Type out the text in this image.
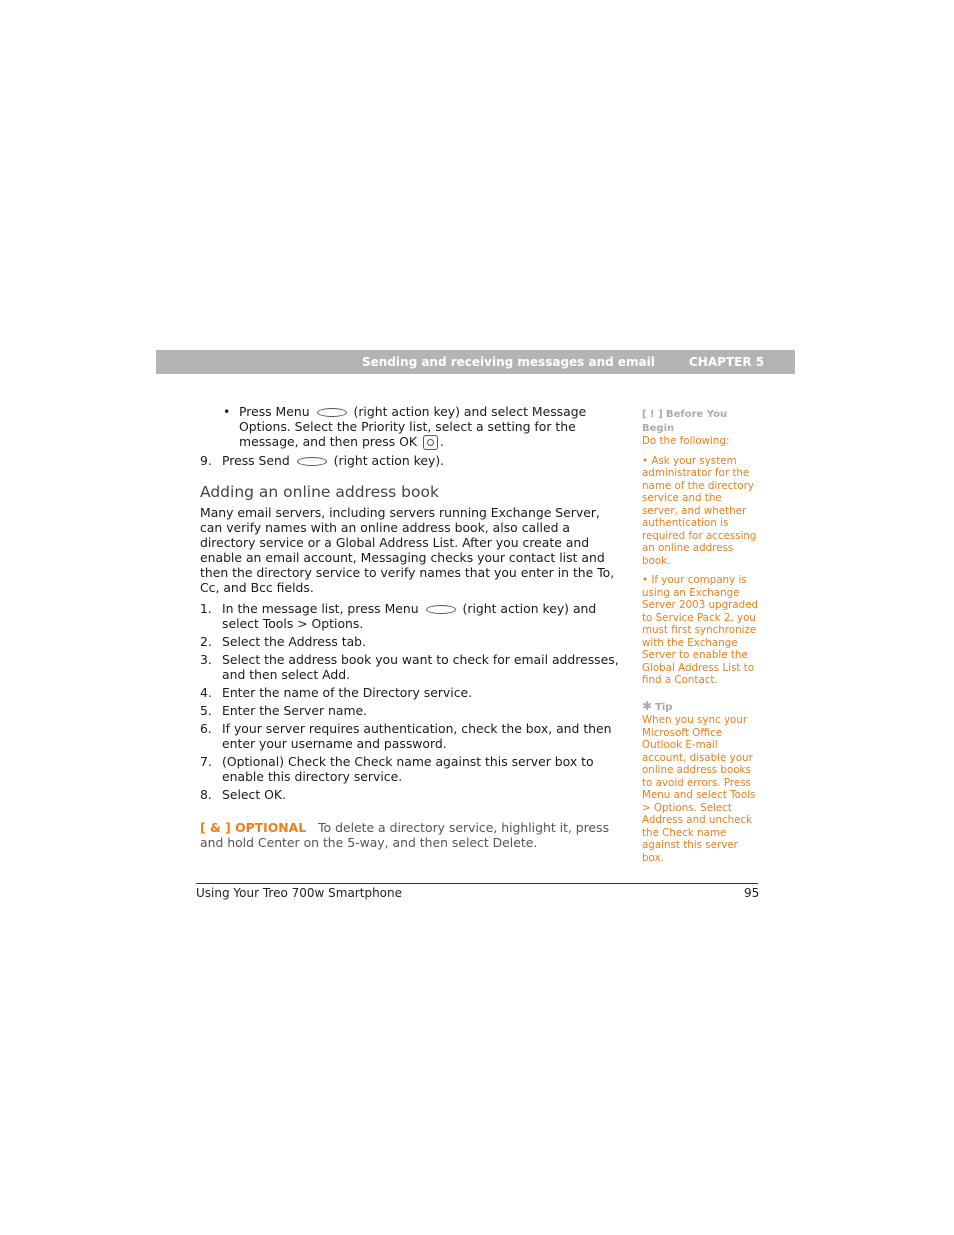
Sending and receiving messages and email	CHAPTER 5
• Press Menu	(right action key) and select Message Options. Select the Priority list, select a setting for the message, and then press OK .
9. Press Send	(right action key).
Adding an online address book

Many email servers, including servers running Exchange Server, can verify names with an online address book, also called a directory service or a Global Address List. After you create and enable an email account, Messaging checks your contact list and then the directory service to verify names that you enter in the To, Cc, and Bcc fields.

1. In the message list, press Menu	(right action key) and select Tools > Options.
2. Select the Address tab.
3. Select the address book you want to check for email addresses, and then select Add.
4. Enter the name of the Directory service.
5. Enter the Server name.
6. If your server requires authentication, check the box, and then enter your username and password.
7. (Optional) Check the Check name against this server box to enable this directory service.
8. Select OK.

[ & ] OPTIONAL To delete a directory service, highlight it, press and hold Center on the 5-way, and then select Delete.

[ ! ] Before You Begin
Do the following:
• Ask your system administrator for the name of the directory service and the server, and whether authentication is required for accessing an online address book.
• If your company is using an Exchange Server 2003 upgraded to Service Pack 2, you must first synchronize with the Exchange Server to enable the Global Address List to find a Contact.
✱ Tip
When you sync your Microsoft Office Outlook E-mail account, disable your online address books to avoid errors. Press Menu and select Tools > Options. Select Address and uncheck the Check name against this server box.
Using Your Treo 700w Smartphone	95
